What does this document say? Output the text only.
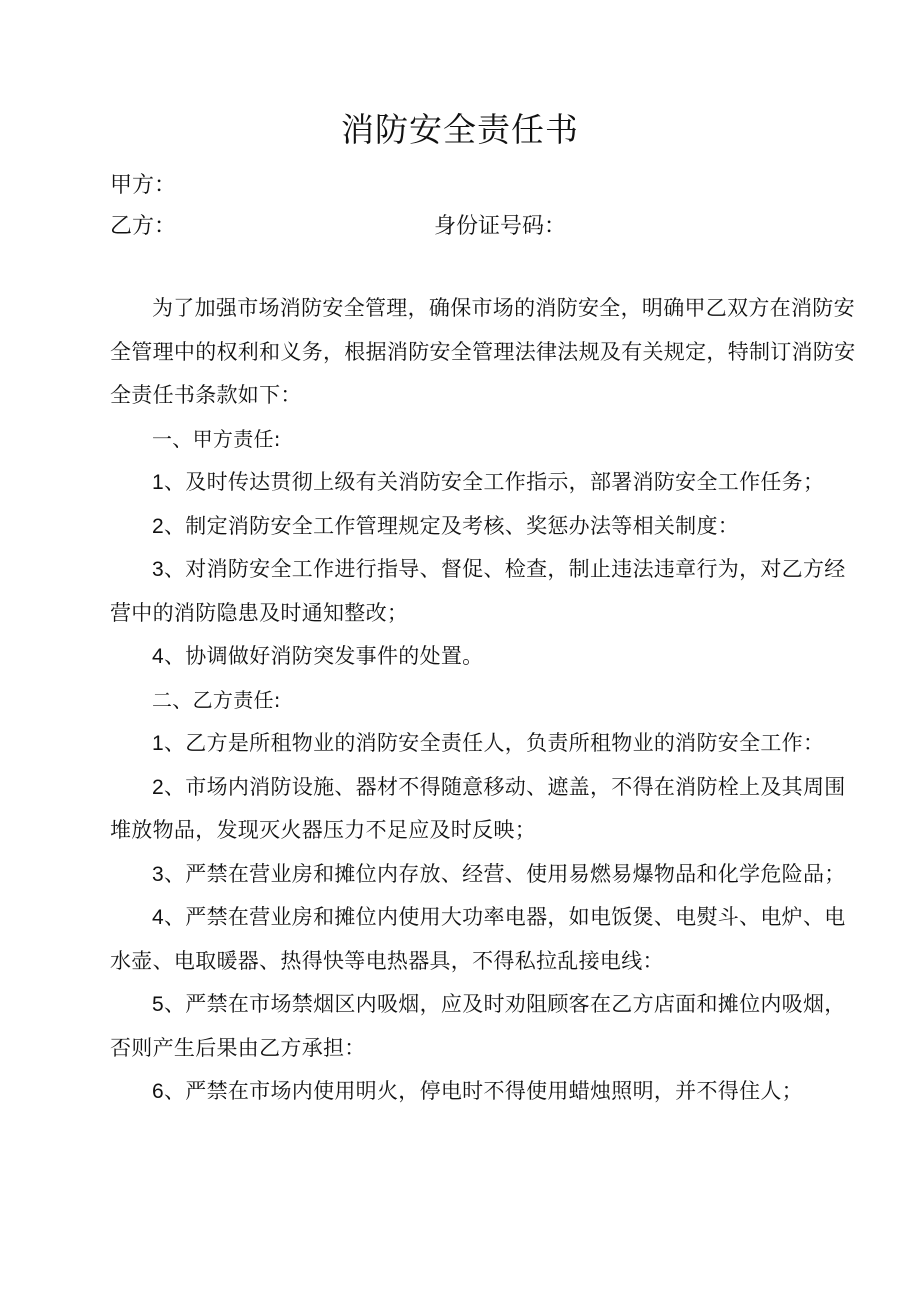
消防安全责任书
甲方：
乙方：	身份证号码：

为了加强市场消防安全管理，确保市场的消防安全，明确甲乙双方在消防安全管理中的权利和义务，根据消防安全管理法律法规及有关规定，特制订消防安全责任书条款如下：

一、甲方责任:

1、及时传达贯彻上级有关消防安全工作指示，部署消防安全工作任务；

2、制定消防安全工作管理规定及考核、奖惩办法等相关制度：

3、对消防安全工作进行指导、督促、检查，制止违法违章行为，对乙方经营中的消防隐患及时通知整改；

4、协调做好消防突发事件的处置。

二、乙方责任:

1、乙方是所租物业的消防安全责任人，负责所租物业的消防安全工作：

2、市场内消防设施、器材不得随意移动、遮盖，不得在消防栓上及其周围堆放物品，发现灭火器压力不足应及时反映；

3、严禁在营业房和摊位内存放、经营、使用易燃易爆物品和化学危险品；

4、严禁在营业房和摊位内使用大功率电器，如电饭煲、电熨斗、电炉、电水壶、电取暖器、热得快等电热器具，不得私拉乱接电线：

5、严禁在市场禁烟区内吸烟，应及时劝阻顾客在乙方店面和摊位内吸烟，否则产生后果由乙方承担：

6、严禁在市场内使用明火，停电时不得使用蜡烛照明，并不得住人；
